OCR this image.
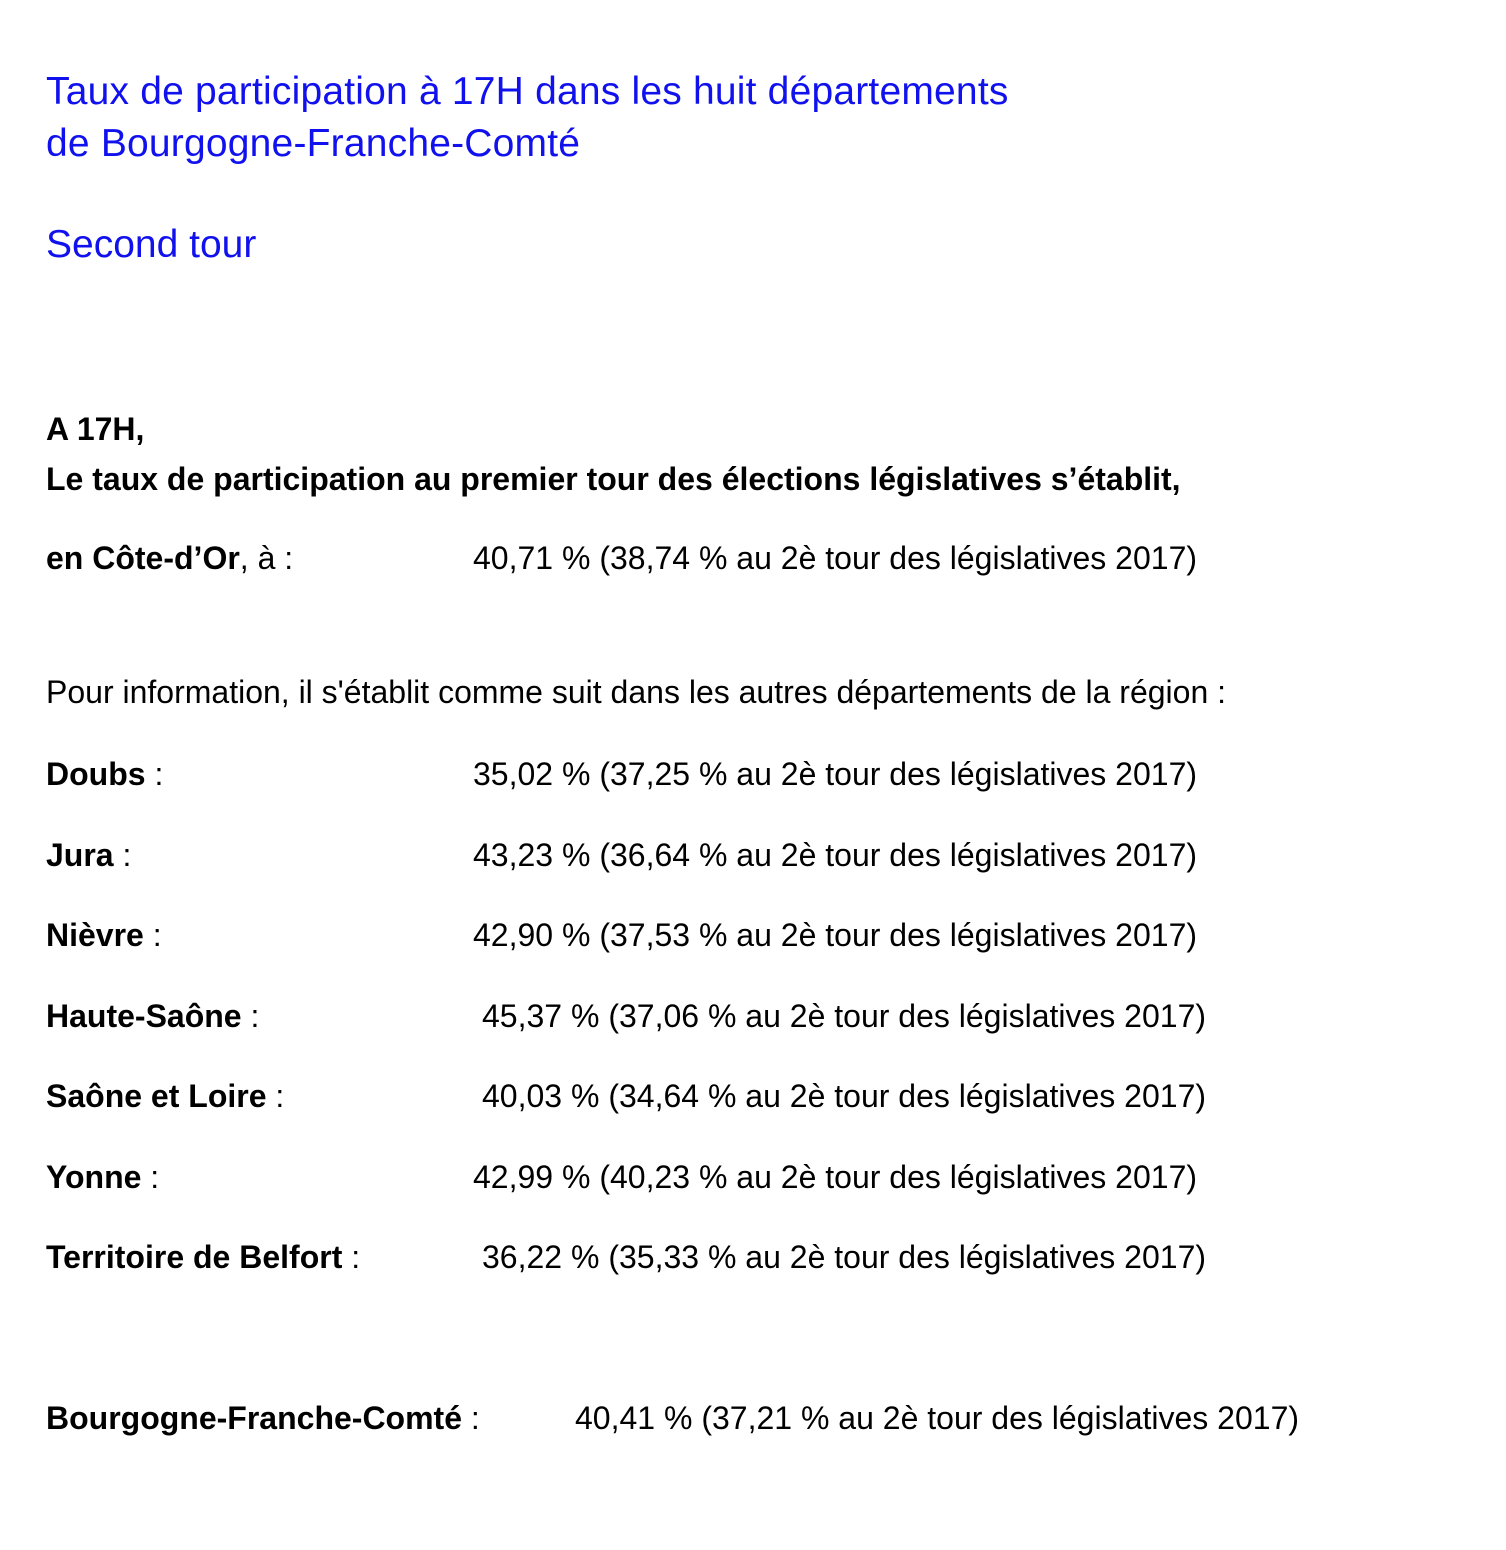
Taux de participation à 17H dans les huit départements
de Bourgogne-Franche-Comté
Second tour

A 17H,
Le taux de participation au premier tour des élections législatives s’établit,

en Côte-d’Or, à :	40,71 % (38,74 % au 2è tour des législatives 2017)
Pour information, il s'établit comme suit dans les autres départements de la région :
Doubs :	35,02 % (37,25 % au 2è tour des législatives 2017)
Jura :	43,23 % (36,64 % au 2è tour des législatives 2017)
Nièvre :	42,90 % (37,53 % au 2è tour des législatives 2017)
Haute-Saône :	45,37 % (37,06 % au 2è tour des législatives 2017)
Saône et Loire :	40,03 % (34,64 % au 2è tour des législatives 2017)
Yonne :	42,99 % (40,23 % au 2è tour des législatives 2017)
Territoire de Belfort :	36,22 % (35,33 % au 2è tour des législatives 2017)
Bourgogne-Franche-Comté :	40,41 % (37,21 % au 2è tour des législatives 2017)
